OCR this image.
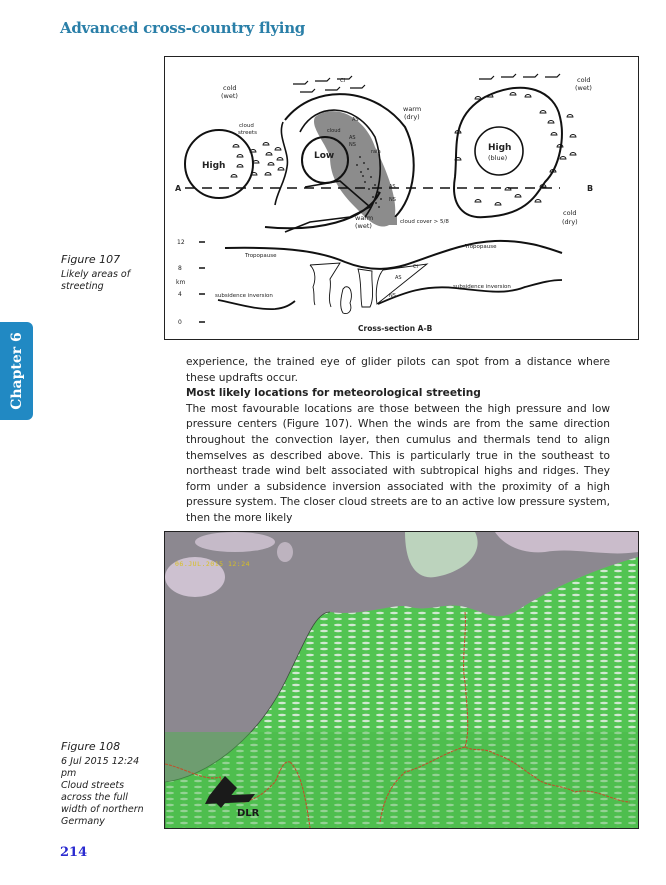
Advanced cross-country flying
cold
(wet)
cloud
streets
High
Low
cloud
AS
AS
NS
rain
AS
NS
Ci
warm
(dry)
warm
(wet)	cloud cover > 5/8
High
(blue)
cold
(wet)
cold
(dry)
A	B
12
8
km
4
0
Tropopause
Tropopause
subsidence inversion
subsidence inversion
AS
NS
Ci
Cross-section A-B
Figure 107
Likely areas of streeting
Chapter 6	experience, the trained eye of glider pilots can spot from a distance where these updrafts occur.

Most likely locations for meteorological streeting

The most favourable locations are those between the high pressure and low pressure centers (Figure 107). When the winds are from the same direction throughout the convection layer, then cumulus and thermals tend to align themselves as described above. This is particularly true in the southeast to northeast trade wind belt associated with subtropical highs and ridges. They form under a subsidence inversion associated with the proximity of a high pressure system. The closer cloud streets are to an active low pressure system, then the more likely

06.JUL.2015 12:24
DLR
Figure 108
6 Jul 2015 12:24 pm
Cloud streets across the full width of northern Germany
214
